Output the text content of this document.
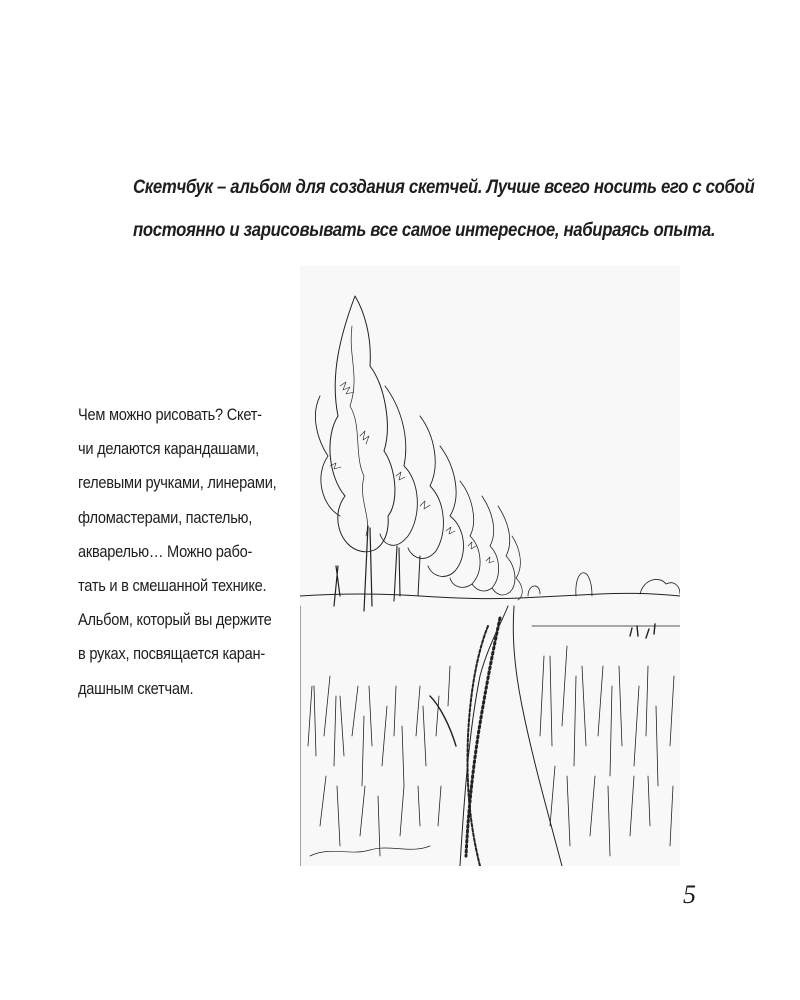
Скетчбук – альбом для создания скетчей. Лучше всего носить его с собой
постоянно и зарисовывать все самое интересное, набираясь опыта.

Чем можно рисовать? Скет-
чи делаются карандашами,
гелевыми ручками, линерами,
фломастерами, пастелью,
акварелью… Можно рабо-
тать и в смешанной технике.
Альбом, который вы держите
в руках, посвящается каран-
дашным скетчам.

5
